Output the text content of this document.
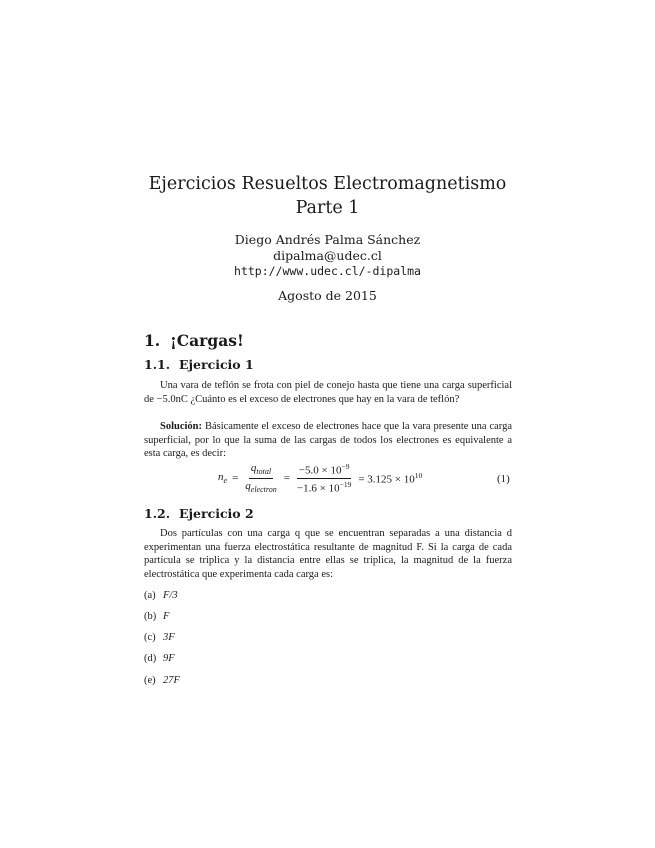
Ejercicios Resueltos Electromagnetismo
Parte 1
Diego Andrés Palma Sánchez
dipalma@udec.cl
http://www.udec.cl/-dipalma
Agosto de 2015
1. ¡Cargas!
1.1. Ejercicio 1
Una vara de teflón se frota con piel de conejo hasta que tiene una carga superficial de −5.0nC ¿Cuánto es el exceso de electrones que hay en la vara de teflón?
Solución: Básicamente el exceso de electrones hace que la vara presente una carga superficial, por lo que la suma de las cargas de todos los electrones es equivalente a esta carga, es decir:
$n_e = \frac{q_{total}}{q_{electron}} = \frac{-5.0 \times 10^{-9}}{-1.6 \times 10^{-19}} = 3.125 \times 10^{10}$	(1)
1.2. Ejercicio 2
Dos partículas con una carga q que se encuentran separadas a una distancia d experimentan una fuerza electrostática resultante de magnitud F. Si la carga de cada partícula se triplica y la distancia entre ellas se triplica, la magnitud de la fuerza electrostática que experimenta cada carga es:
(a) F/3
(b) F
(c) 3F
(d) 9F
(e) 27F
